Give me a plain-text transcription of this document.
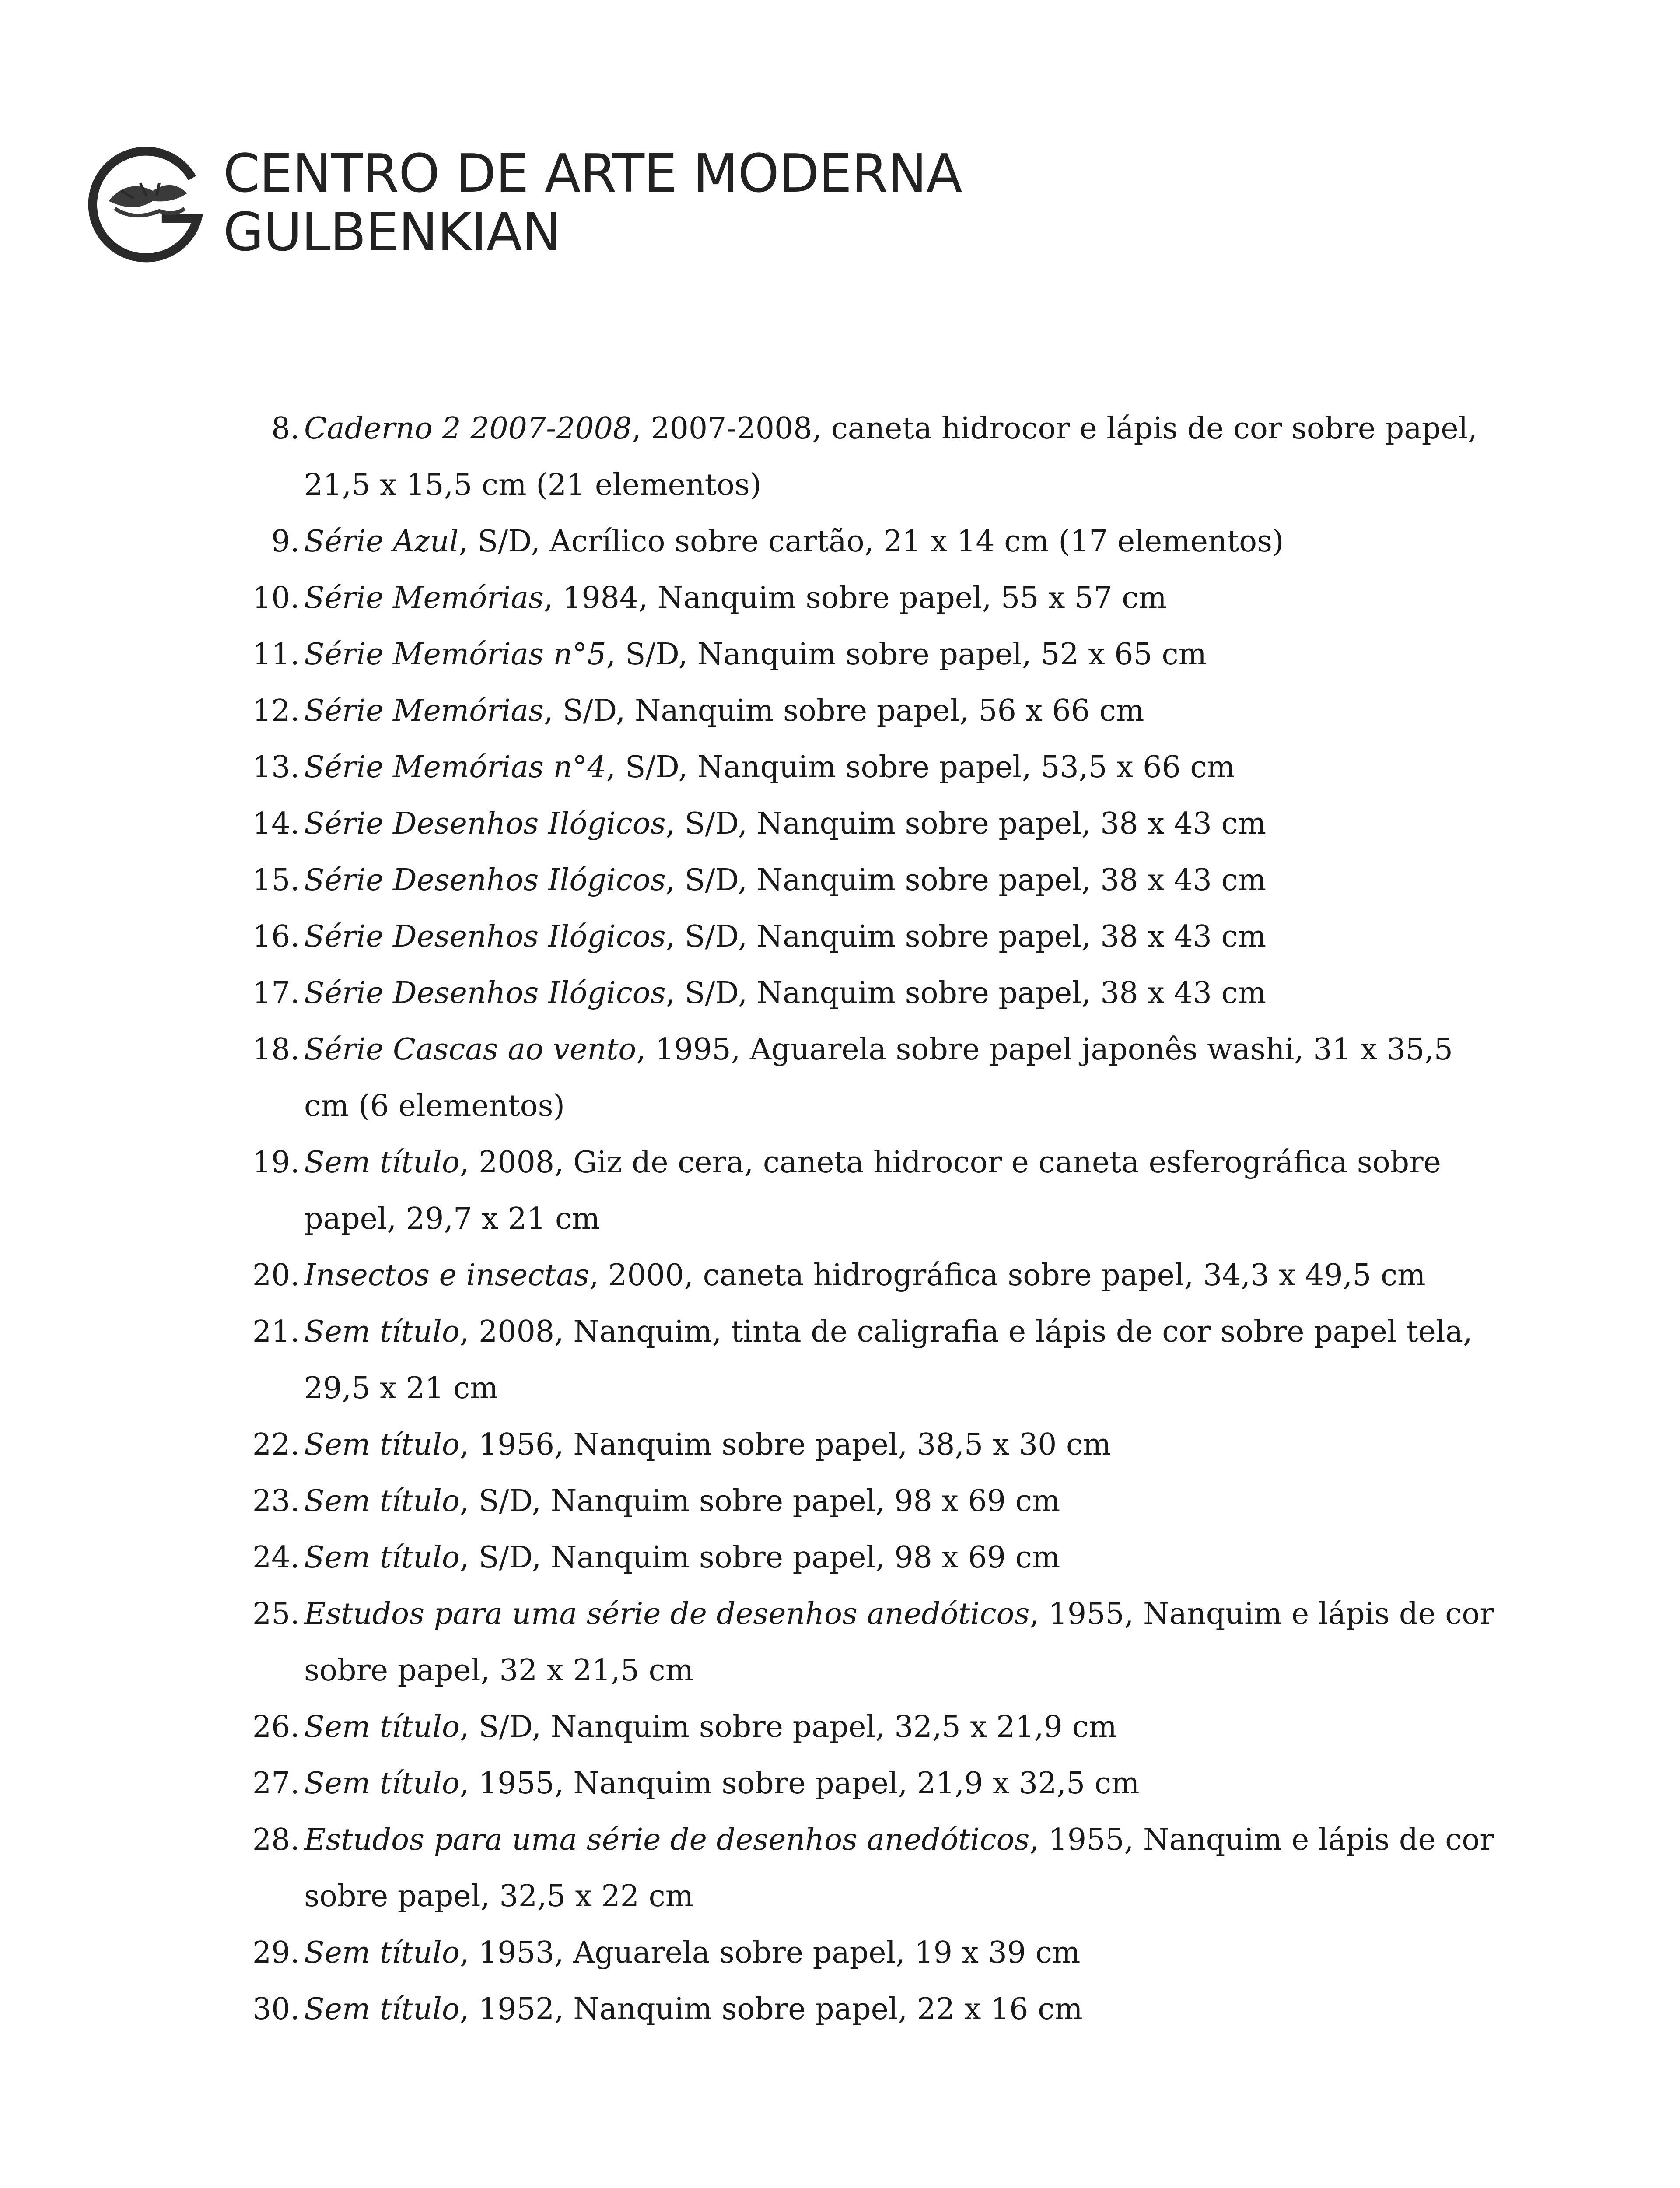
CENTRO DE ARTE MODERNA
GULBENKIAN
8 . Caderno 2 2007-2008, 2007-2008, caneta hidrocor e lápis de cor sobre papel, 21,5 x 15,5 cm (21 elementos)
9 . Série Azul, S/D, Acrílico sobre cartão, 21 x 14 cm (17 elementos)
10 . Série Memórias, 1984, Nanquim sobre papel, 55 x 57 cm
11 . Série Memórias n°5, S/D, Nanquim sobre papel, 52 x 65 cm
12 . Série Memórias, S/D, Nanquim sobre papel, 56 x 66 cm
13 . Série Memórias n°4, S/D, Nanquim sobre papel, 53,5 x 66 cm
14 . Série Desenhos Ilógicos, S/D, Nanquim sobre papel, 38 x 43 cm
15 . Série Desenhos Ilógicos, S/D, Nanquim sobre papel, 38 x 43 cm
16 . Série Desenhos Ilógicos, S/D, Nanquim sobre papel, 38 x 43 cm
17 . Série Desenhos Ilógicos, S/D, Nanquim sobre papel, 38 x 43 cm
18 . Série Cascas ao vento, 1995, Aguarela sobre papel japonês washi, 31 x 35,5 cm (6 elementos)
19 . Sem título, 2008, Giz de cera, caneta hidrocor e caneta esferográfica sobre papel, 29,7 x 21 cm
20 . Insectos e insectas, 2000, caneta hidrográfica sobre papel, 34,3 x 49,5 cm
21 . Sem título, 2008, Nanquim, tinta de caligrafia e lápis de cor sobre papel tela, 29,5 x 21 cm
22 . Sem título, 1956, Nanquim sobre papel, 38,5 x 30 cm
23 . Sem título, S/D, Nanquim sobre papel, 98 x 69 cm
24 . Sem título, S/D, Nanquim sobre papel, 98 x 69 cm
25 . Estudos para uma série de desenhos anedóticos, 1955, Nanquim e lápis de cor sobre papel, 32 x 21,5 cm
26 . Sem título, S/D, Nanquim sobre papel, 32,5 x 21,9 cm
27 . Sem título, 1955, Nanquim sobre papel, 21,9 x 32,5 cm
28 . Estudos para uma série de desenhos anedóticos, 1955, Nanquim e lápis de cor sobre papel, 32,5 x 22 cm
29 . Sem título, 1953, Aguarela sobre papel, 19 x 39 cm
30 . Sem título, 1952, Nanquim sobre papel, 22 x 16 cm
